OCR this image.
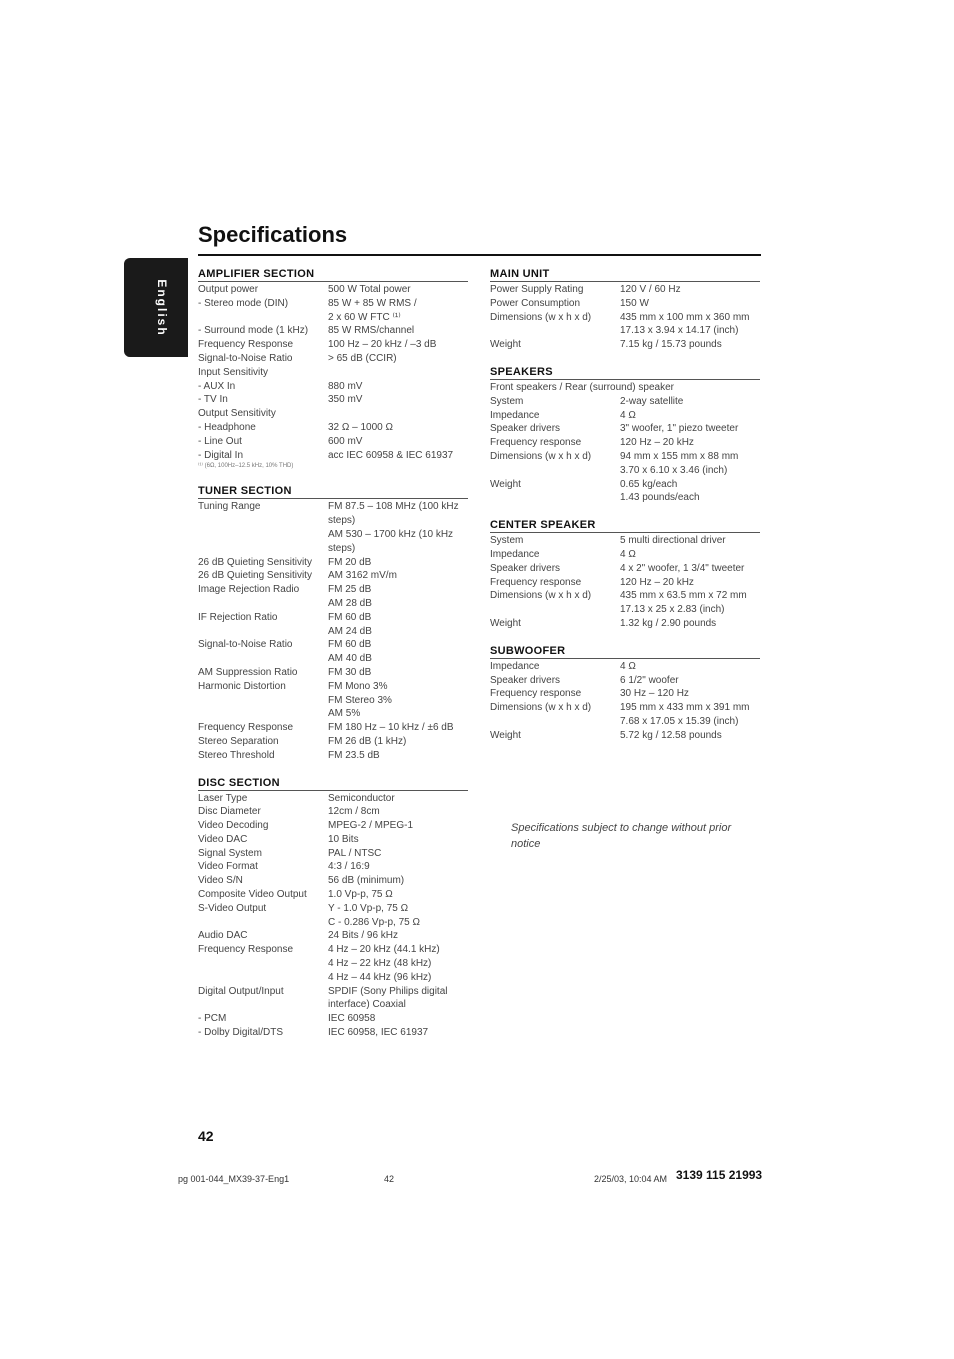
English
Specifications
AMPLIFIER SECTION
Output power	500 W Total power
- Stereo mode (DIN)	85 W + 85 W RMS /
2 x 60 W FTC ⁽¹⁾
- Surround mode (1 kHz)	85 W RMS/channel
Frequency Response	100 Hz – 20 kHz / –3 dB
Signal-to-Noise Ratio	> 65 dB (CCIR)
Input Sensitivity
- AUX In	880 mV
- TV In	350 mV
Output Sensitivity
- Headphone	32 Ω – 1000 Ω
- Line Out	600 mV
- Digital In	acc IEC 60958 & IEC 61937
⁽¹⁾ (6Ω, 100Hz–12.5 kHz, 10% THD)
TUNER SECTION
Tuning Range	FM 87.5 – 108 MHz (100 kHz
steps)
AM 530 – 1700 kHz (10 kHz
steps)
26 dB Quieting Sensitivity	FM 20 dB
26 dB Quieting Sensitivity	AM 3162 mV/m
Image Rejection Radio	FM 25 dB
AM 28 dB
IF Rejection Ratio	FM 60 dB
AM 24 dB
Signal-to-Noise Ratio	FM 60 dB
AM 40 dB
AM Suppression Ratio	FM 30 dB
Harmonic Distortion	FM Mono 3%
FM Stereo 3%
AM 5%
Frequency Response	FM 180 Hz – 10 kHz / ±6 dB
Stereo Separation	FM 26 dB (1 kHz)
Stereo Threshold	FM 23.5 dB
DISC SECTION
Laser Type	Semiconductor
Disc Diameter	12cm / 8cm
Video Decoding	MPEG-2 / MPEG-1
Video DAC	10 Bits
Signal System	PAL / NTSC
Video Format	4:3 / 16:9
Video S/N	56 dB (minimum)
Composite Video Output	1.0 Vp-p, 75 Ω
S-Video Output	Y - 1.0 Vp-p, 75 Ω
C - 0.286 Vp-p, 75 Ω
Audio DAC	24 Bits / 96 kHz
Frequency Response	4 Hz – 20 kHz (44.1 kHz)
4 Hz – 22 kHz (48 kHz)
4 Hz – 44 kHz (96 kHz)
Digital Output/Input	SPDIF (Sony Philips digital
interface) Coaxial
- PCM	IEC 60958
- Dolby Digital/DTS	IEC 60958, IEC 61937
MAIN UNIT
Power Supply Rating	120 V / 60 Hz
Power Consumption	150 W
Dimensions (w x h x d)	435 mm x 100 mm x 360 mm
17.13 x 3.94 x 14.17 (inch)
Weight	7.15 kg / 15.73 pounds
SPEAKERS
Front speakers / Rear (surround) speaker
System	2-way satellite
Impedance	4 Ω
Speaker drivers	3" woofer, 1" piezo tweeter
Frequency response	120 Hz – 20 kHz
Dimensions (w x h x d)	94 mm x 155 mm x 88 mm
3.70 x 6.10 x 3.46 (inch)
Weight	0.65 kg/each
1.43 pounds/each
CENTER SPEAKER
System	5 multi directional driver
Impedance	4 Ω
Speaker drivers	4 x 2" woofer, 1 3/4" tweeter
Frequency response	120 Hz – 20 kHz
Dimensions (w x h x d)	435 mm x 63.5 mm x 72 mm
17.13 x 25 x 2.83 (inch)
Weight	1.32 kg / 2.90 pounds
SUBWOOFER
Impedance	4 Ω
Speaker drivers	6 1/2" woofer
Frequency response	30 Hz – 120 Hz
Dimensions (w x h x d)	195 mm x 433 mm x 391 mm
7.68 x 17.05 x 15.39 (inch)
Weight	5.72 kg / 12.58 pounds
Specifications subject to change without prior notice
42
pg 001-044_MX39-37-Eng1	42	2/25/03, 10:04 AM 3139 115 21993
